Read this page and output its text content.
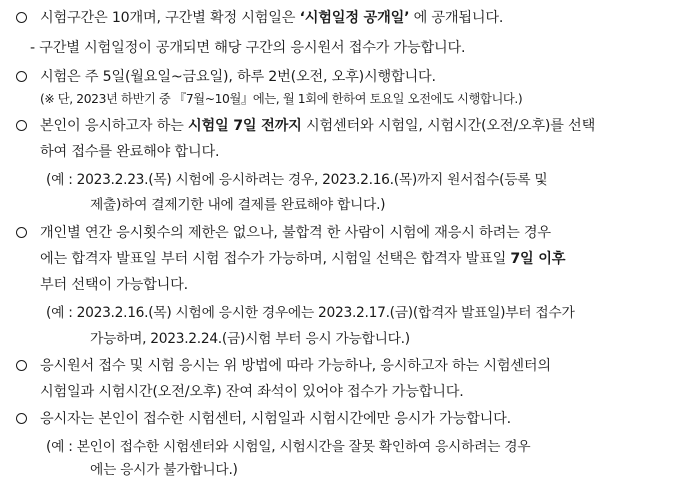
시험구간은 10개며, 구간별 확정 시험일은 ‘시험일정 공개일’ 에 공개됩니다.
- 구간별 시험일정이 공개되면 해당 구간의 응시원서 접수가 가능합니다.
시험은 주 5일(월요일~금요일), 하루 2번(오전, 오후)시행합니다.
(※ 단, 2023년 하반기 중 『7월~10월』에는, 월 1회에 한하여 토요일 오전에도 시행합니다.)
본인이 응시하고자 하는 시험일 7일 전까지 시험센터와 시험일, 시험시간(오전/오후)를 선택
하여 접수를 완료해야 합니다.
(예 : 2023.2.23.(목) 시험에 응시하려는 경우, 2023.2.16.(목)까지 원서접수(등록 및
제출)하여 결제기한 내에 결제를 완료해야 합니다.)
개인별 연간 응시횟수의 제한은 없으나, 불합격 한 사람이 시험에 재응시 하려는 경우
에는 합격자 발표일 부터 시험 접수가 가능하며, 시험일 선택은 합격자 발표일 7일 이후
부터 선택이 가능합니다.
(예 : 2023.2.16.(목) 시험에 응시한 경우에는 2023.2.17.(금)(합격자 발표일)부터 접수가
가능하며, 2023.2.24.(금)시험 부터 응시 가능합니다.)
응시원서 접수 및 시험 응시는 위 방법에 따라 가능하나, 응시하고자 하는 시험센터의
시험일과 시험시간(오전/오후) 잔여 좌석이 있어야 접수가 가능합니다.
응시자는 본인이 접수한 시험센터, 시험일과 시험시간에만 응시가 가능합니다.
(예 : 본인이 접수한 시험센터와 시험일, 시험시간을 잘못 확인하여 응시하려는 경우
에는 응시가 불가합니다.)
